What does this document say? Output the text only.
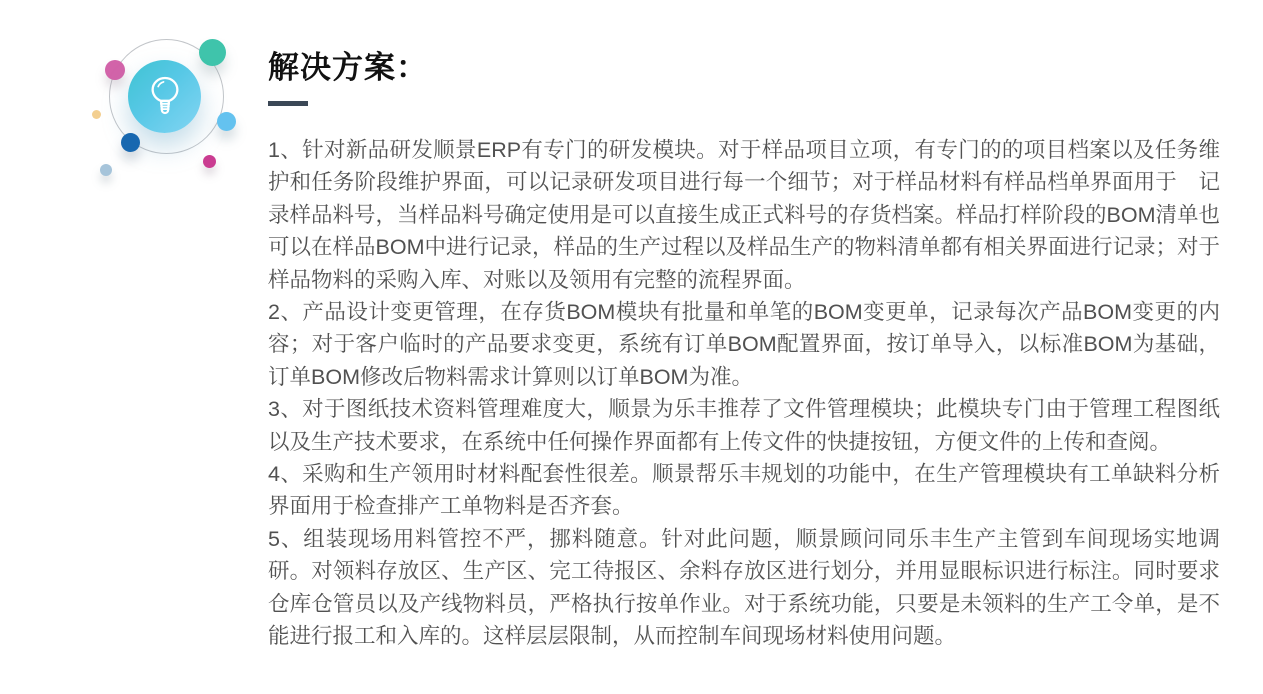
解决方案：

1、针对新品研发顺景ERP有专门的研发模块。对于样品项目立项，有专门的的项目档案以及任务维护和任务阶段维护界面，可以记录研发项目进行每一个细节；对于样品材料有样品档单界面用于　记录样品料号，当样品料号确定使用是可以直接生成正式料号的存货档案。样品打样阶段的BOM清单也可以在样品BOM中进行记录，样品的生产过程以及样品生产的物料清单都有相关界面进行记录；对于样品物料的采购入库、对账以及领用有完整的流程界面。

2、产品设计变更管理，在存货BOM模块有批量和单笔的BOM变更单，记录每次产品BOM变更的内容；对于客户临时的产品要求变更，系统有订单BOM配置界面，按订单导入，以标准BOM为基础，订单BOM修改后物料需求计算则以订单BOM为准。

3、对于图纸技术资料管理难度大，顺景为乐丰推荐了文件管理模块；此模块专门由于管理工程图纸以及生产技术要求，在系统中任何操作界面都有上传文件的快捷按钮，方便文件的上传和查阅。

4、采购和生产领用时材料配套性很差。顺景帮乐丰规划的功能中，在生产管理模块有工单缺料分析界面用于检查排产工单物料是否齐套。

5、组装现场用料管控不严，挪料随意。针对此问题，顺景顾问同乐丰生产主管到车间现场实地调研。对领料存放区、生产区、完工待报区、余料存放区进行划分，并用显眼标识进行标注。同时要求仓库仓管员以及产线物料员，严格执行按单作业。对于系统功能，只要是未领料的生产工令单，是不能进行报工和入库的。这样层层限制，从而控制车间现场材料使用问题。
